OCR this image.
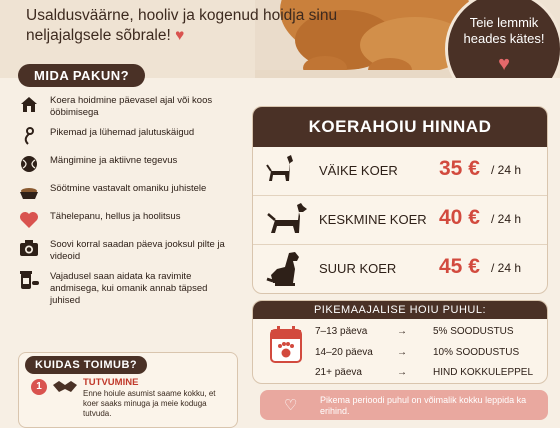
Usaldusväärne, hooliv ja kogenud hoidja sinu neljajalgsele sõbrale! ♥
Teie lemmik heades kätes!
♥
MIDA PAKUN?
Koera hoidmine päevasel ajal või koos ööbimisega
Pikemad ja lühemad jalutuskäigud
Mängimine ja aktiivne tegevus
Söötmine vastavalt omaniku juhistele
Tähelepanu, hellus ja hoolitsus
Soovi korral saadan päeva jooksul pilte ja videoid
Vajadusel saan aidata ka ravimite andmisega, kui omanik annab täpsed juhised
KUIDAS TOIMUB?
1	TUTVUMINE
Enne hoiule asumist saame kokku, et koer saaks minuga ja meie koduga tutvuda.
KOERAHOIU HINNAD
VÄIKE KOER 35 € / 24 h
KESKMINE KOER 40 € / 24 h
SUUR KOER 45 € / 24 h
PIKEMAAJALISE HOIU PUHUL:
7–13 päeva	→	5% SOODUSTUS
14–20 päeva →	10% SOODUSTUS
21+ päeva	→	HIND KOKKULEPPEL
♡	Pikema perioodi puhul on võimalik kokku leppida ka erihind.
